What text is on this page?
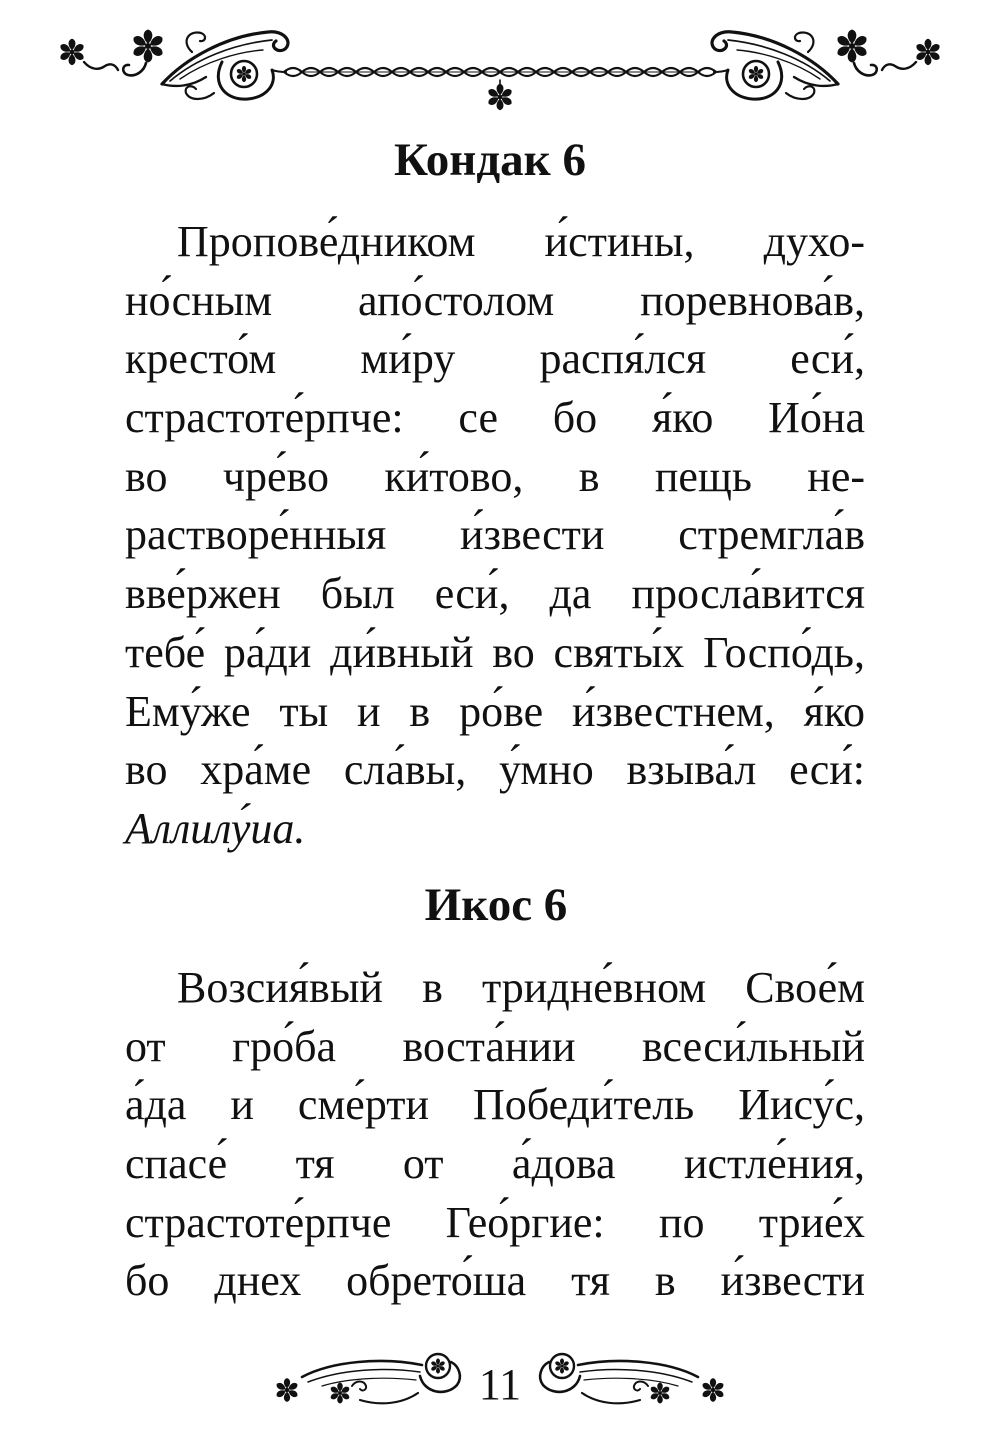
Кондак 6
Пропове́дником и́стины, духо-
но́сным апо́столом поревнова́в,
кресто́м ми́ру распя́лся еси́,
страстоте́рпче: се бо я́ко Ио́на
во чре́во ки́тово, в пещь не-
растворе́нныя и́звести стремгла́в
вве́ржен был еси́, да просла́вится
тебе́ ра́ди ди́вный во святы́х Госпо́дь,
Ему́же ты и в ро́ве и́звестнем, я́ко
во хра́ме сла́вы, у́мно взыва́л еси́:
Аллилу́иа.
Икос 6
Возсия́вый в тридне́вном Свое́м
от гро́ба воста́нии всеси́льный
а́да и сме́рти Победи́тель Иису́с,
спасе́ тя от а́дова истле́ния,
страстоте́рпче Гео́ргие: по трие́х
бо днех обрето́ша тя в и́звести
11
